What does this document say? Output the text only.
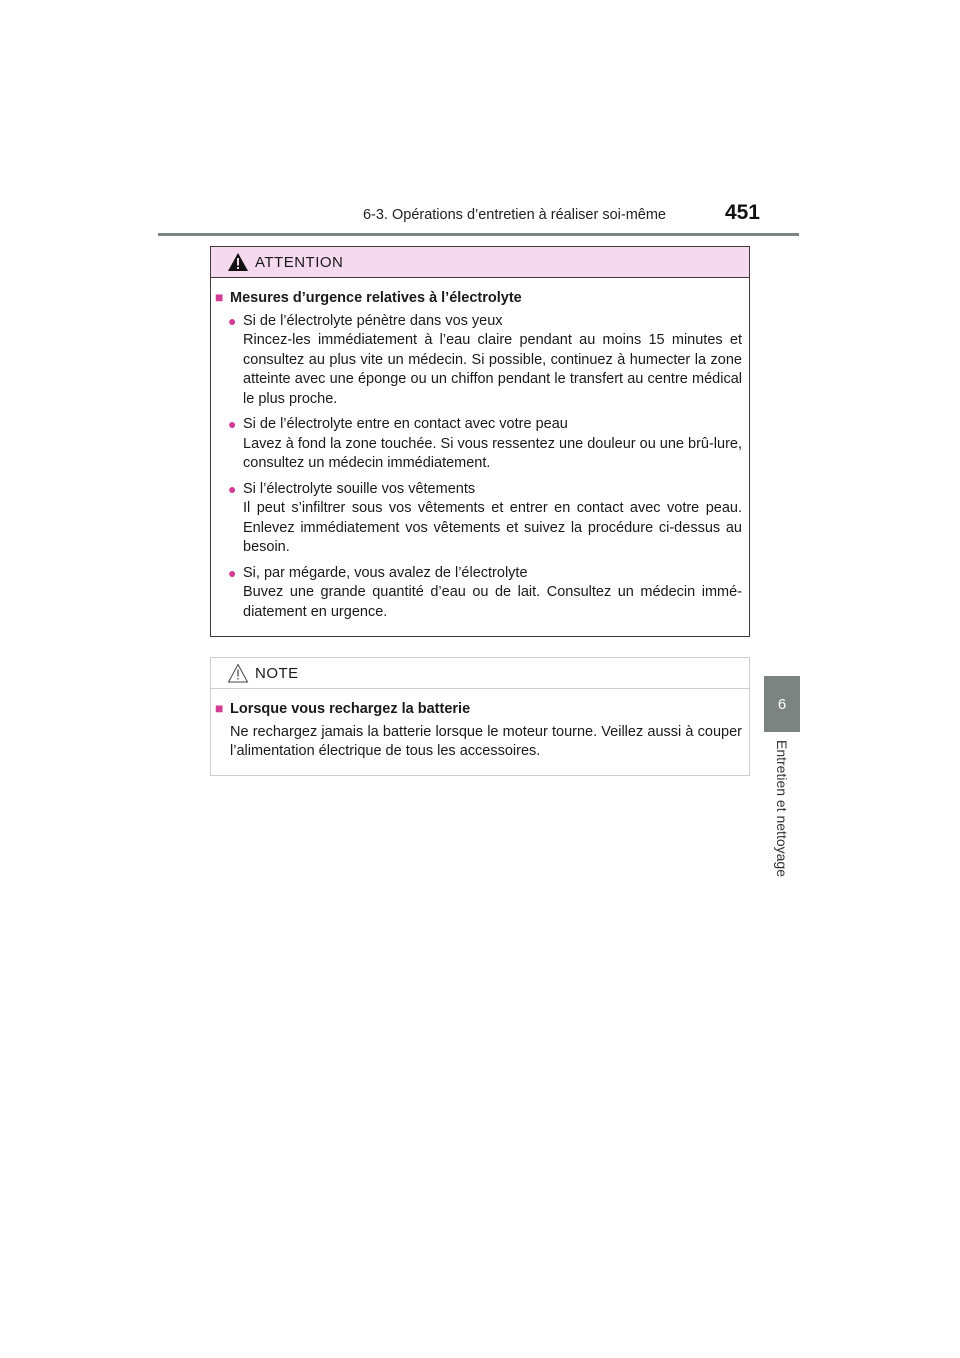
6-3. Opérations d’entretien à réaliser soi-même	451
6
Entretien et nettoyage
ATTENTION
■ Mesures d’urgence relatives à l’électrolyte
● Si de l’électrolyte pénètre dans vos yeux
Rincez-les immédiatement à l’eau claire pendant au moins 15 minutes et consultez au plus vite un médecin. Si possible, continuez à humecter la zone atteinte avec une éponge ou un chiffon pendant le transfert au centre médical le plus proche.
● Si de l’électrolyte entre en contact avec votre peau
Lavez à fond la zone touchée. Si vous ressentez une douleur ou une brû-lure, consultez un médecin immédiatement.
● Si l’électrolyte souille vos vêtements
Il peut s’infiltrer sous vos vêtements et entrer en contact avec votre peau. Enlevez immédiatement vos vêtements et suivez la procédure ci-dessus au besoin.
● Si, par mégarde, vous avalez de l’électrolyte
Buvez une grande quantité d’eau ou de lait. Consultez un médecin immé-diatement en urgence.
NOTE
■ Lorsque vous rechargez la batterie
Ne rechargez jamais la batterie lorsque le moteur tourne. Veillez aussi à couper l’alimentation électrique de tous les accessoires.
